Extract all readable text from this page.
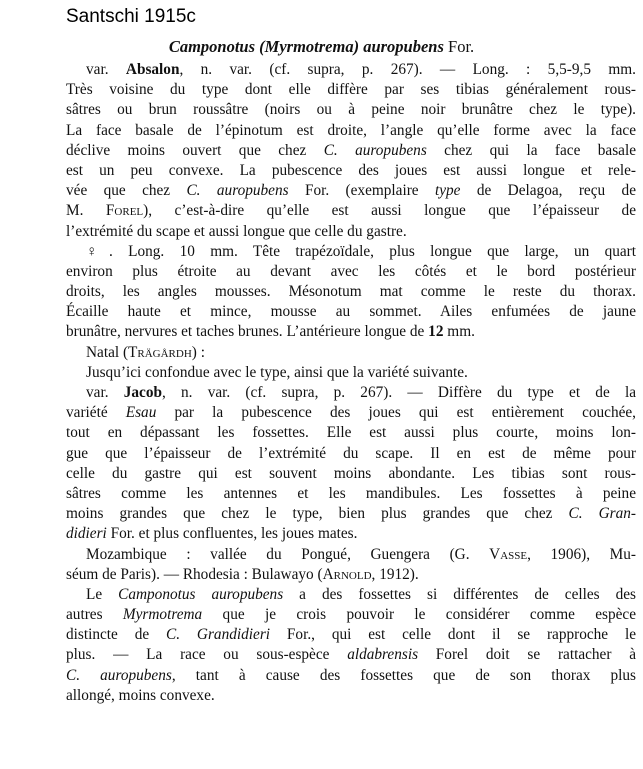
Santschi 1915c
Camponotus (Myrmotrema) auropubens For.
var. Absalon, n. var. (cf. supra, p. 267). — Long. : 5,5-9,5 mm.
Très voisine du type dont elle diffère par ses tibias généralement rous-
sâtres ou brun roussâtre (noirs ou à peine noir brunâtre chez le type).
La face basale de l’épinotum est droite, l’angle qu’elle forme avec la face
déclive moins ouvert que chez C. auropubens chez qui la face basale
est un peu convexe. La pubescence des joues est aussi longue et rele-
vée que chez C. auropubens For. (exemplaire type de Delagoa, reçu de
M. Forel), c’est-à-dire qu’elle est aussi longue que l’épaisseur de
l’extrémité du scape et aussi longue que celle du gastre.
♀. Long. 10 mm. Tête trapézoïdale, plus longue que large, un quart
environ plus étroite au devant avec les côtés et le bord postérieur
droits, les angles mousses. Mésonotum mat comme le reste du thorax.
Écaille haute et mince, mousse au sommet. Ailes enfumées de jaune
brunâtre, nervures et taches brunes. L’antérieure longue de 12 mm.
Natal (Trägårdh) :
Jusqu’ici confondue avec le type, ainsi que la variété suivante.
var. Jacob, n. var. (cf. supra, p. 267). — Diffère du type et de la
variété Esau par la pubescence des joues qui est entièrement couchée,
tout en dépassant les fossettes. Elle est aussi plus courte, moins lon-
gue que l’épaisseur de l’extrémité du scape. Il en est de même pour
celle du gastre qui est souvent moins abondante. Les tibias sont rous-
sâtres comme les antennes et les mandibules. Les fossettes à peine
moins grandes que chez le type, bien plus grandes que chez C. Gran-
didieri For. et plus confluentes, les joues mates.
Mozambique : vallée du Pongué, Guengera (G. Vasse, 1906), Mu-
séum de Paris). — Rhodesia : Bulawayo (Arnold, 1912).
Le Camponotus auropubens a des fossettes si différentes de celles des
autres Myrmotrema que je crois pouvoir le considérer comme espèce
distincte de C. Grandidieri For., qui est celle dont il se rapproche le
plus. — La race ou sous-espèce aldabrensis Forel doit se rattacher à
C. auropubens, tant à cause des fossettes que de son thorax plus
allongé, moins convexe.
